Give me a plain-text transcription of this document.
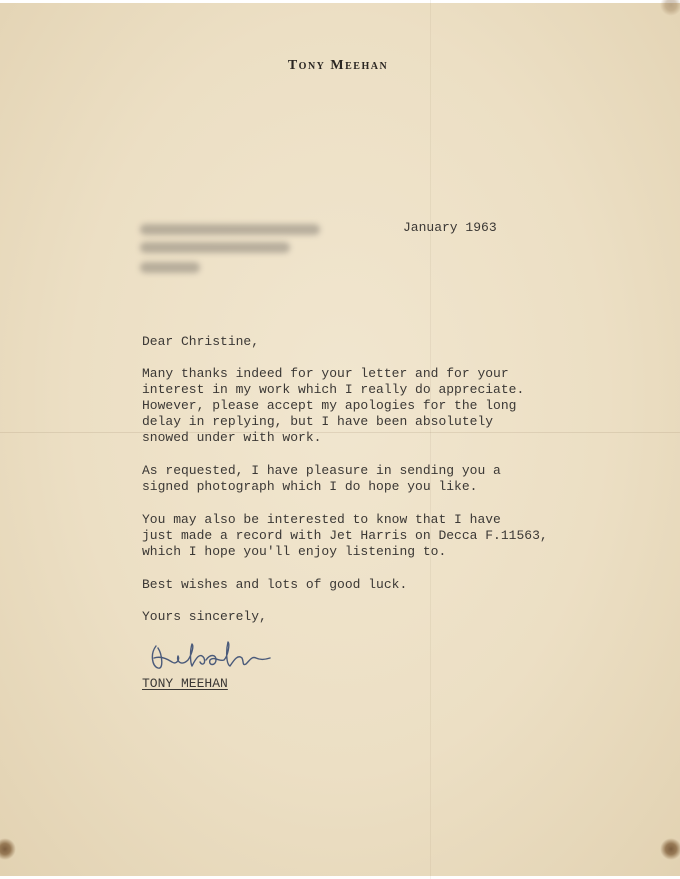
Tony Meehan
January 1963
Dear Christine,
Many thanks indeed for your letter and for your
interest in my work which I really do appreciate.
However, please accept my apologies for the long
delay in replying, but I have been absolutely
snowed under with work.
As requested, I have pleasure in sending you a
signed photograph which I do hope you like.
You may also be interested to know that I have
just made a record with Jet Harris on Decca F.11563,
which I hope you'll enjoy listening to.
Best wishes and lots of good luck.
Yours sincerely,
TONY MEEHAN
